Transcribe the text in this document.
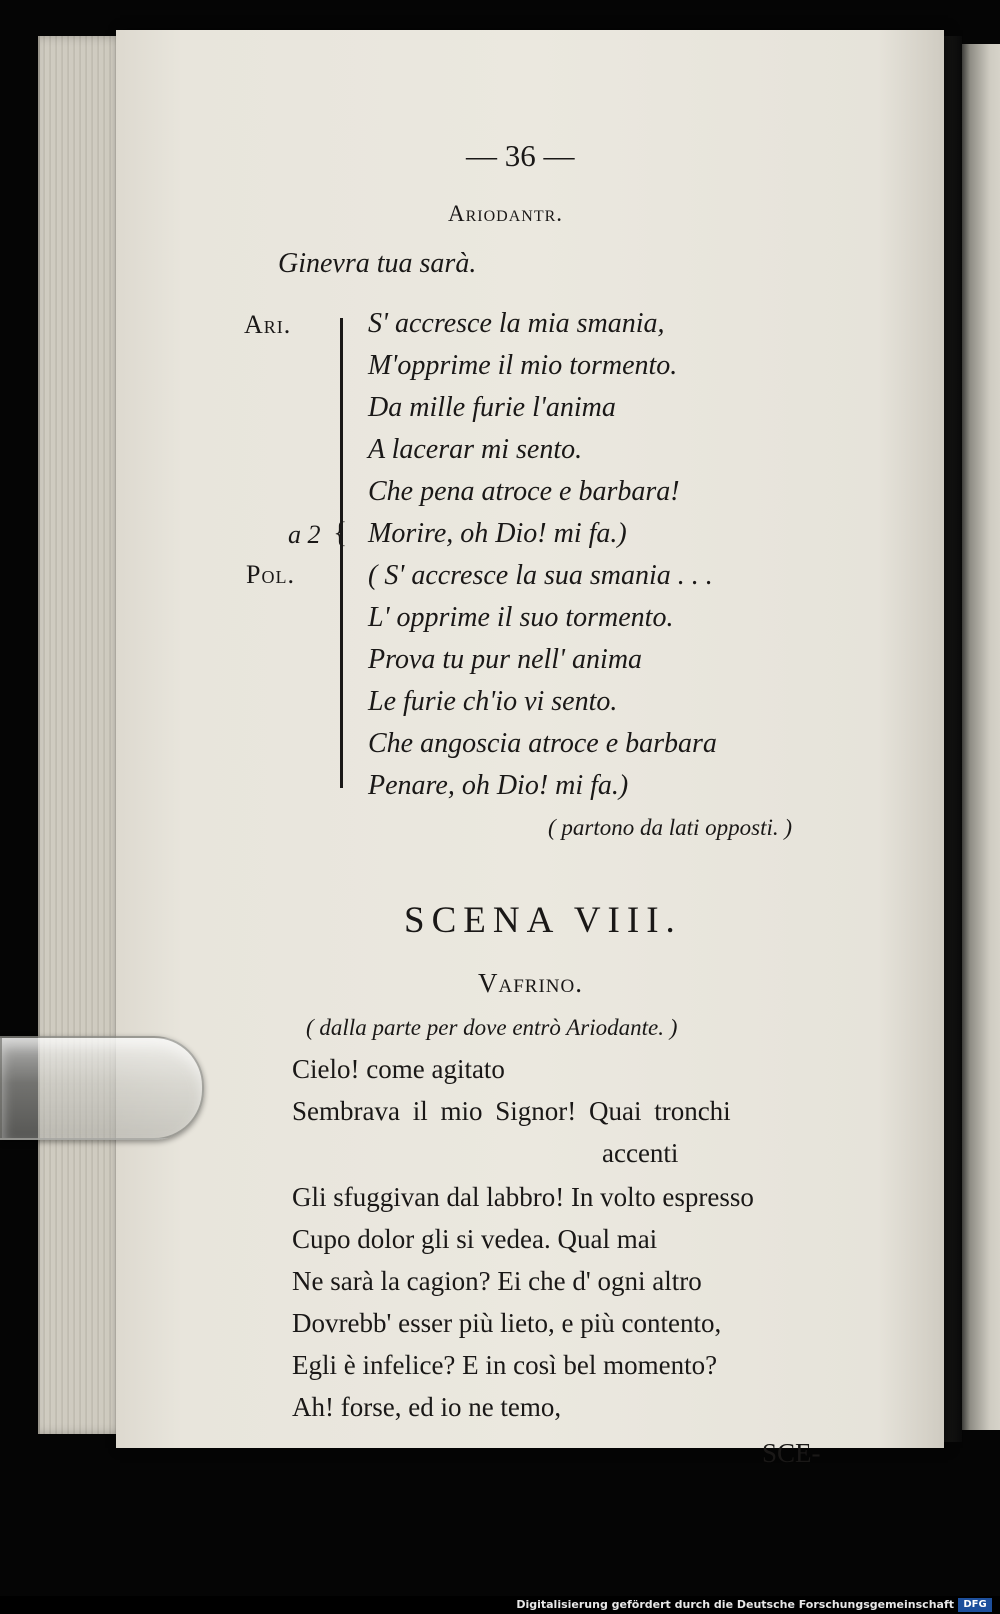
— 36 —
Ariodantr.
Ginevra tua sarà.
Ari.
a 2
Pol.
{
S' accresce la mia smania,
M'opprime il mio tormento.
Da mille furie l'anima
A lacerar mi sento.
Che pena atroce e barbara!
Morire, oh Dio! mi fa.)
( S' accresce la sua smania . . .
L' opprime il suo tormento.
Prova tu pur nell' anima
Le furie ch'io vi sento.
Che angoscia atroce e barbara
Penare, oh Dio! mi fa.)
( partono da lati opposti. )
SCENA VIII.
Vafrino.
( dalla parte per dove entrò Ariodante. )
Cielo! come agitato
Sembrava il mio Signor! Quai tronchi
accenti
Gli sfuggivan dal labbro! In volto espresso
Cupo dolor gli si vedea. Qual mai
Ne sarà la cagion? Ei che d' ogni altro
Dovrebb' esser più lieto, e più contento,
Egli è infelice? E in così bel momento?
Ah! forse, ed io ne temo,
SCE-
Digitalisierung gefördert durch die Deutsche Forschungsgemeinschaft DFG
